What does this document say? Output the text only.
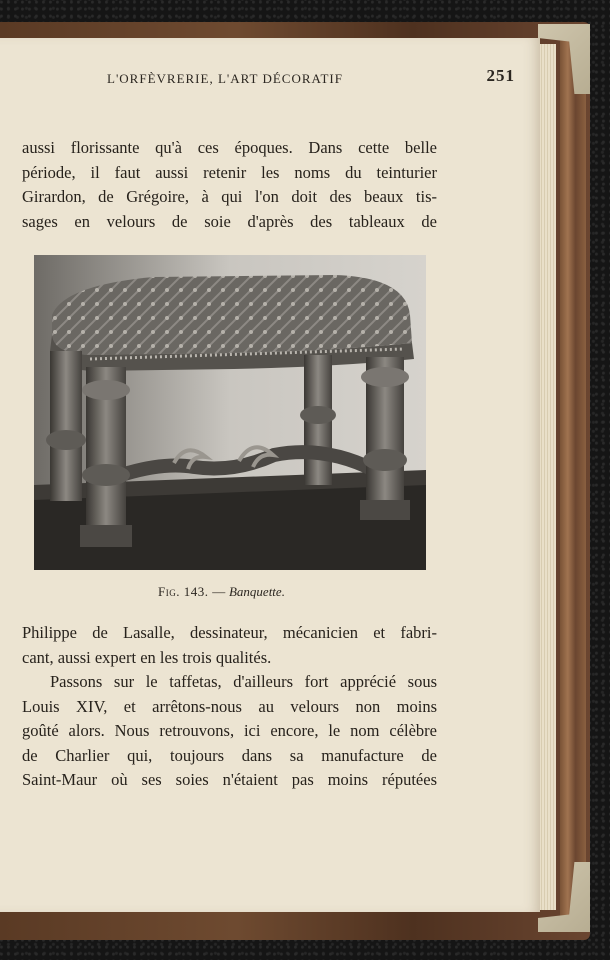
L'ORFÈVRERIE, L'ART DÉCORATIF	251
aussi florissante qu'à ces époques. Dans cette belle
période, il faut aussi retenir les noms du teinturier
Girardon, de Grégoire, à qui l'on doit des beaux tis-
sages en velours de soie d'après des tableaux de
Fig. 143. — Banquette.
Philippe de Lasalle, dessinateur, mécanicien et fabri-
cant, aussi expert en les trois qualités.
Passons sur le taffetas, d'ailleurs fort apprécié sous
Louis XIV, et arrêtons-nous au velours non moins
goûté alors. Nous retrouvons, ici encore, le nom célèbre
de Charlier qui, toujours dans sa manufacture de
Saint-Maur où ses soies n'étaient pas moins réputées
